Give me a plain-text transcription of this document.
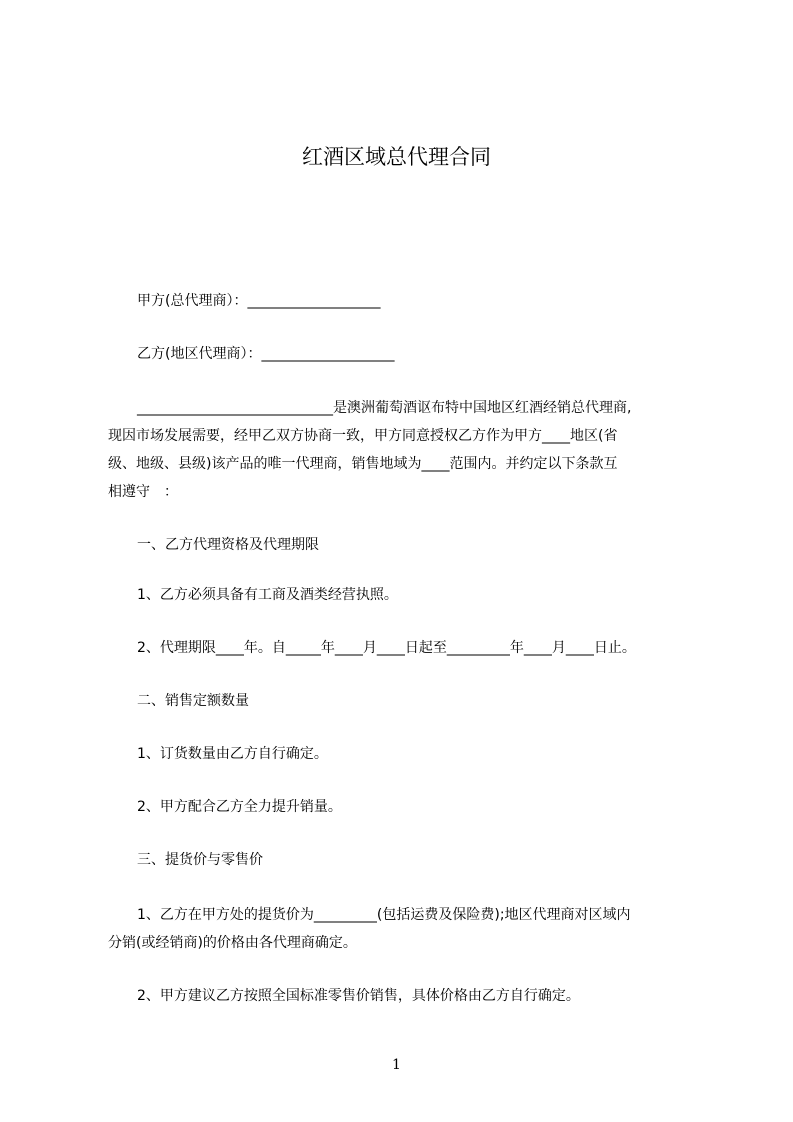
红酒区域总代理合同
甲方(总代理商）：___________________
乙方(地区代理商）：___________________
____________________________是澳洲葡萄酒讴布特中国地区红酒经销总代理商,
现因市场发展需要，经甲乙双方协商一致，甲方同意授权乙方作为甲方____地区(省
级、地级、县级)该产品的唯一代理商，销售地域为____范围内。并约定以下条款互
相遵守　：
一、乙方代理资格及代理期限
1、乙方必须具备有工商及酒类经营执照。
2、代理期限____年。自_____年____月____日起至_________年____月____日止。
二、销售定额数量
1、订货数量由乙方自行确定。
2、甲方配合乙方全力提升销量。
三、提货价与零售价
1、乙方在甲方处的提货价为_________(包括运费及保险费);地区代理商对区域内
分销(或经销商)的价格由各代理商确定。
2、甲方建议乙方按照全国标准零售价销售，具体价格由乙方自行确定。
1
